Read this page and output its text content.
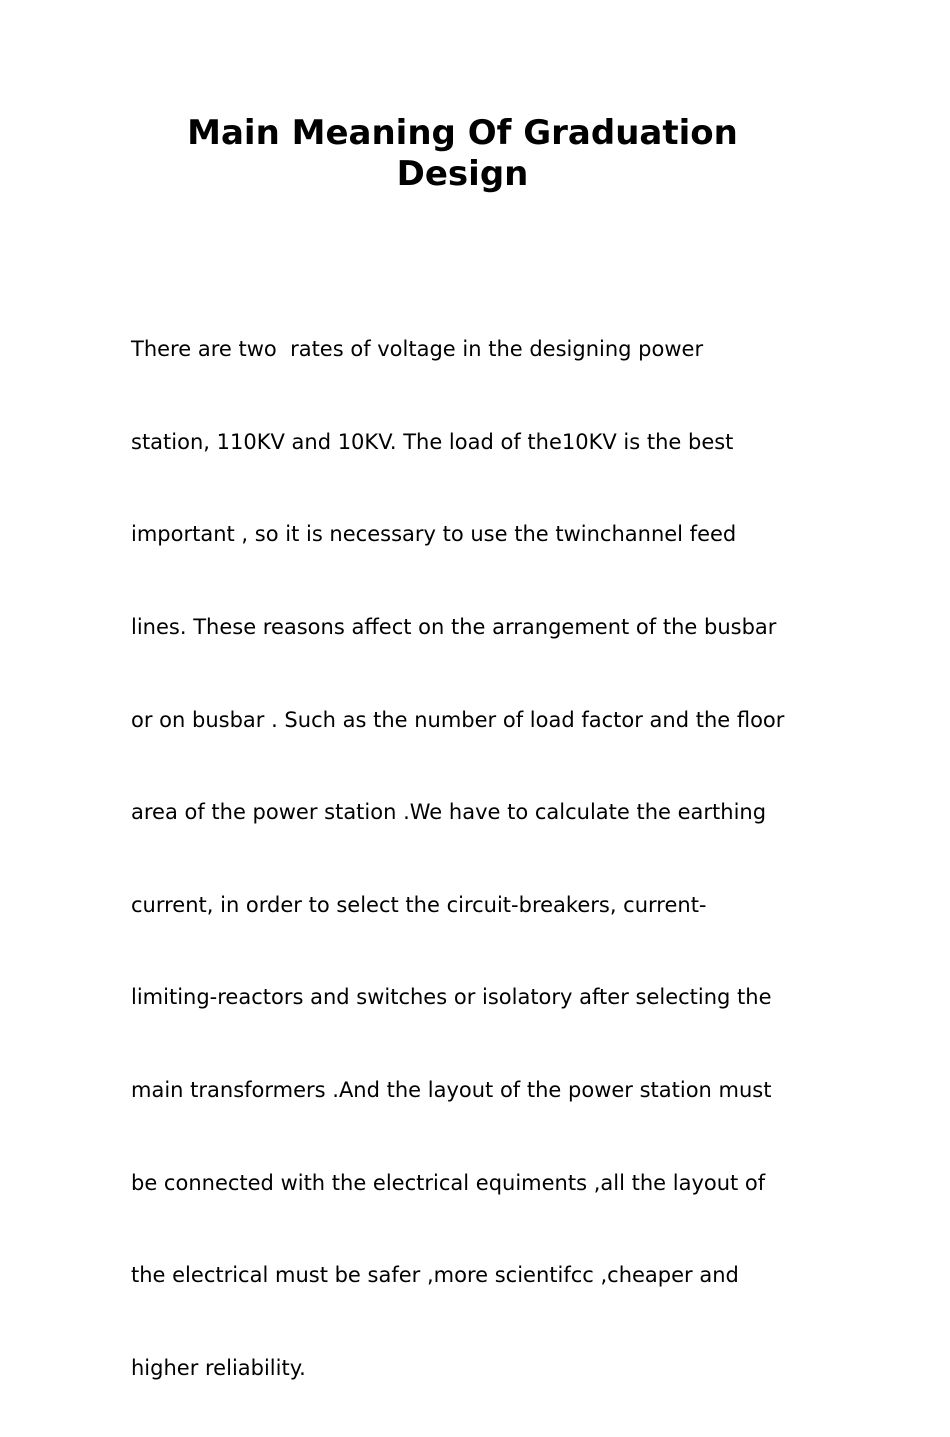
Main Meaning Of Graduation Design

There are two  rates of voltage in the designing power

station, 110KV and 10KV. The load of the10KV is the best

important , so it is necessary to use the twinchannel feed

lines. These reasons affect on the arrangement of the busbar

or on busbar . Such as the number of load factor and the floor

area of the power station .We have to calculate the earthing

current, in order to select the circuit-breakers, current-

limiting-reactors and switches or isolatory after selecting the

main transformers .And the layout of the power station must

be connected with the electrical equiments ,all the layout of

the electrical must be safer ,more scientifcc ,cheaper and

higher reliability.
